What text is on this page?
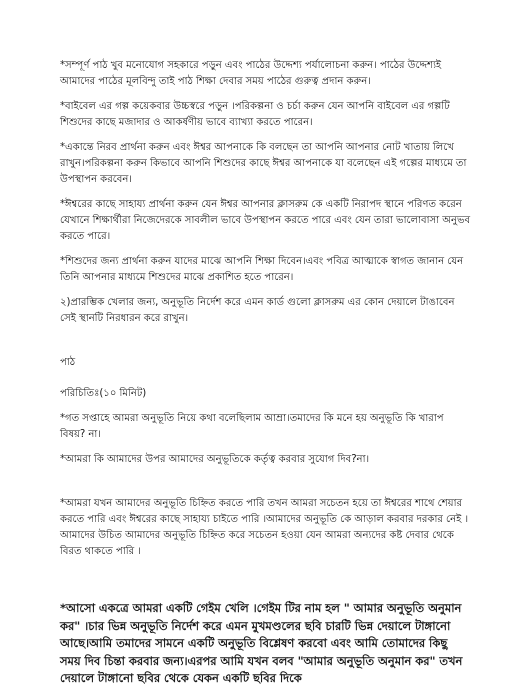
*সম্পূর্ণ পাঠ খুব মনোযোগ সহকারে পড়ুন এবং পাঠের উদ্দেশ্য পর্যালোচনা করুন। পাঠের উদ্দেশ্যই আমাদের পাঠের মূলবিন্দু তাই পাঠ শিক্ষা দেবার সময় পাঠের গুরুত্ব প্রদান করুন।

*বাইবেল এর গল্প কয়েকবার উচ্চস্বরে পড়ুন ।পরিকল্পনা ও চর্চা করুন যেন আপনি বাইবেল এর গল্পটি শিশুদের কাছে মজাদার ও আকর্ষণীয় ভাবে ব্যাখ্যা করতে পারেন।

*একান্তে নিরব প্রার্থনা করুন এবং ঈশ্বর আপনাকে কি বলছেন তা আপনি আপনার নোট খাতায় লিখে রাখুন।পরিকল্পনা করুন কিভাবে আপনি শিশুদের কাছে ঈশ্বর আপনাকে যা বলেছেন এই গল্পের মাধ্যমে তা উপস্থাপন করবেন।

*ঈশ্বরের কাছে সাহায্য প্রার্থনা করুন যেন ঈশ্বর আপনার ক্লাসরুম কে একটি নিরাপদ স্থানে পরিণত করেন যেখানে শিক্ষার্থীরা নিজেদেরকে সাবলীল ভাবে উপস্থাপন করতে পারে এবং যেন তারা ভালোবাসা অনুভব করতে পারে।

*শিশুদের জন্য প্রার্থনা করুন যাদের মাঝে আপনি শিক্ষা দিবেন।এবং পবিত্র আত্মাকে স্বাগত জানান যেন তিনি আপনার মাধ্যমে শিশুদের মাঝে প্রকাশিত হতে পারেন।

২)প্রারম্ভিক খেলার জন্য, অনুভূতি নির্দেশ করে এমন কার্ড গুলো ক্লাসরুম এর কোন দেয়ালে টাঙাবেন সেই স্থানটি নিরধারন করে রাখুন।

পাঠ

পরিচিতিঃ(১০ মিনিট)

*গত সপ্তাহে আমরা অনুভূতি নিয়ে কথা বলেছিলাম আম্রা।তমাদের কি মনে হয় অনুভূতি কি খারাপ বিষয়? না।

*আমরা কি আমাদের উপর আমাদের অনুভূতিকে কর্তৃত্ব করবার সুযোগ দিব?না।

*আমরা যখন আমাদের অনুভূতি চিহ্নিত করতে পারি তখন আমরা সচেতন হয়ে তা ঈশ্বরের শাথে শেয়ার করতে পারি এবং ঈশ্বরের কাছে সাহায্য চাইতে পারি ।আমাদের অনুভূতি কে আড়াল করবার দরকার নেই ।আমাদের উচিত আমাদের অনুভূতি চিহ্নিত করে সচেতন হওয়া যেন আমরা অন্যদের কষ্ট দেবার থেকে বিরত থাকতে পারি ।

*আসো একত্রে আমরা একটি গেইম খেলি ।গেইম টির নাম হল " আমার অনুভূতি অনুমান কর" ।চার ভিন্ন অনুভূতি নির্দেশ করে এমন মুখমণ্ডলের ছবি চারটি ভিন্ন দেয়ালে টাঙ্গানো আছে।আমি তমাদের সামনে একটি অনুভূতি বিশ্লেষণ করবো এবং আমি তোমাদের কিছু সময় দিব চিন্তা করবার জন্য।এরপর আমি যখন বলব "আমার অনুভূতি অনুমান কর" তখন দেয়ালে টাঙ্গানো ছবির থেকে যেকন একটি ছবির দিকে
